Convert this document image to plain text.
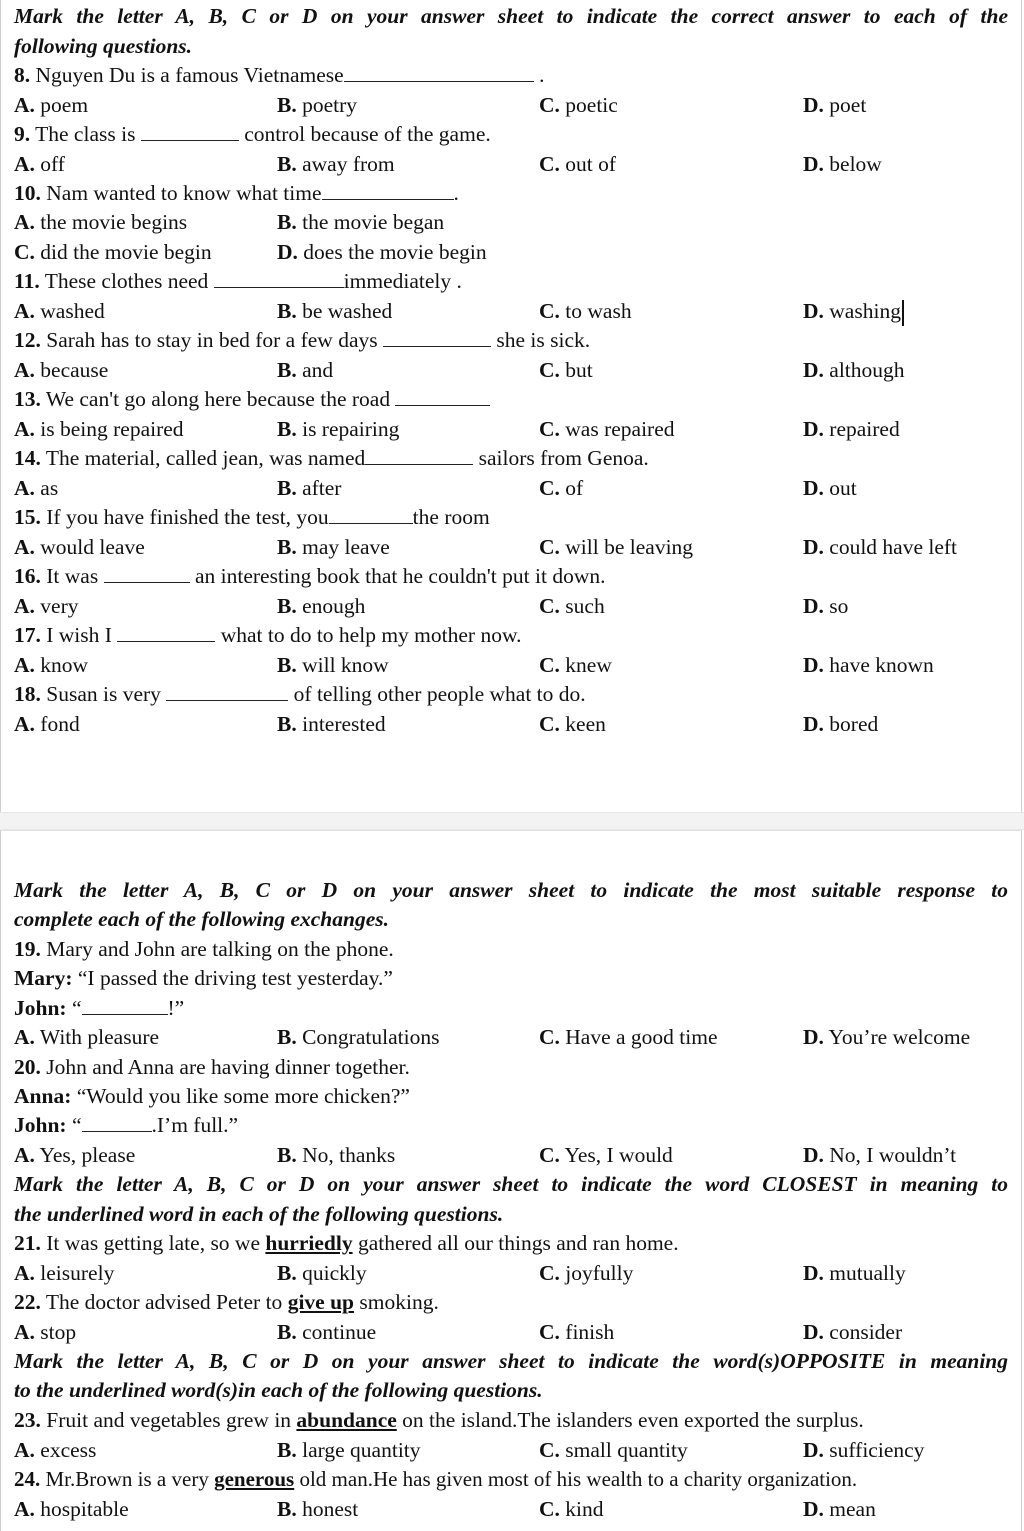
Mark the letter A, B, C or D on your answer sheet to indicate the correct answer to each of the
following questions.
8. Nguyen Du is a famous Vietnamese	.
A. poem	B. poetry	C. poetic	D. poet
9. The class is	control because of the game.
A. off	B. away from	C. out of	D. below
10. Nam wanted to know what time	.
A. the movie begins	B. the movie began
C. did the movie begin	D. does the movie begin
11. These clothes need	immediately .
A. washed	B. be washed	C. to wash	D. washing
12. Sarah has to stay in bed for a few days	she is sick.
A. because	B. and	C. but	D. although
13. We can't go along here because the road
A. is being repaired	B. is repairing	C. was repaired	D. repaired
14. The material, called jean, was named	sailors from Genoa.
A. as	B. after	C. of	D. out
15. If you have finished the test, you	the room
A. would leave	B. may leave	C. will be leaving	D. could have left
16. It was	an interesting book that he couldn't put it down.
A. very	B. enough	C. such	D. so
17. I wish I	what to do to help my mother now.
A. know	B. will know	C. knew	D. have known
18. Susan is very	of telling other people what to do.
A. fond	B. interested	C. keen	D. bored
Mark the letter A, B, C or D on your answer sheet to indicate the most suitable response to
complete each of the following exchanges.
19. Mary and John are talking on the phone.
Mary: “I passed the driving test yesterday.”
John: “	!”
A. With pleasure	B. Congratulations	C. Have a good time	D. You’re welcome
20. John and Anna are having dinner together.
Anna: “Would you like some more chicken?”
John: “	.I’m full.”
A. Yes, please	B. No, thanks	C. Yes, I would	D. No, I wouldn’t
Mark the letter A, B, C or D on your answer sheet to indicate the word CLOSEST in meaning to
the underlined word in each of the following questions.
21. It was getting late, so we hurriedly gathered all our things and ran home.
A. leisurely	B. quickly	C. joyfully	D. mutually
22. The doctor advised Peter to give up smoking.
A. stop	B. continue	C. finish	D. consider
Mark the letter A, B, C or D on your answer sheet to indicate the word(s)OPPOSITE in meaning
to the underlined word(s)in each of the following questions.
23. Fruit and vegetables grew in abundance on the island.The islanders even exported the surplus.
A. excess	B. large quantity	C. small quantity	D. sufficiency
24. Mr.Brown is a very generous old man.He has given most of his wealth to a charity organization.
A. hospitable	B. honest	C. kind	D. mean
